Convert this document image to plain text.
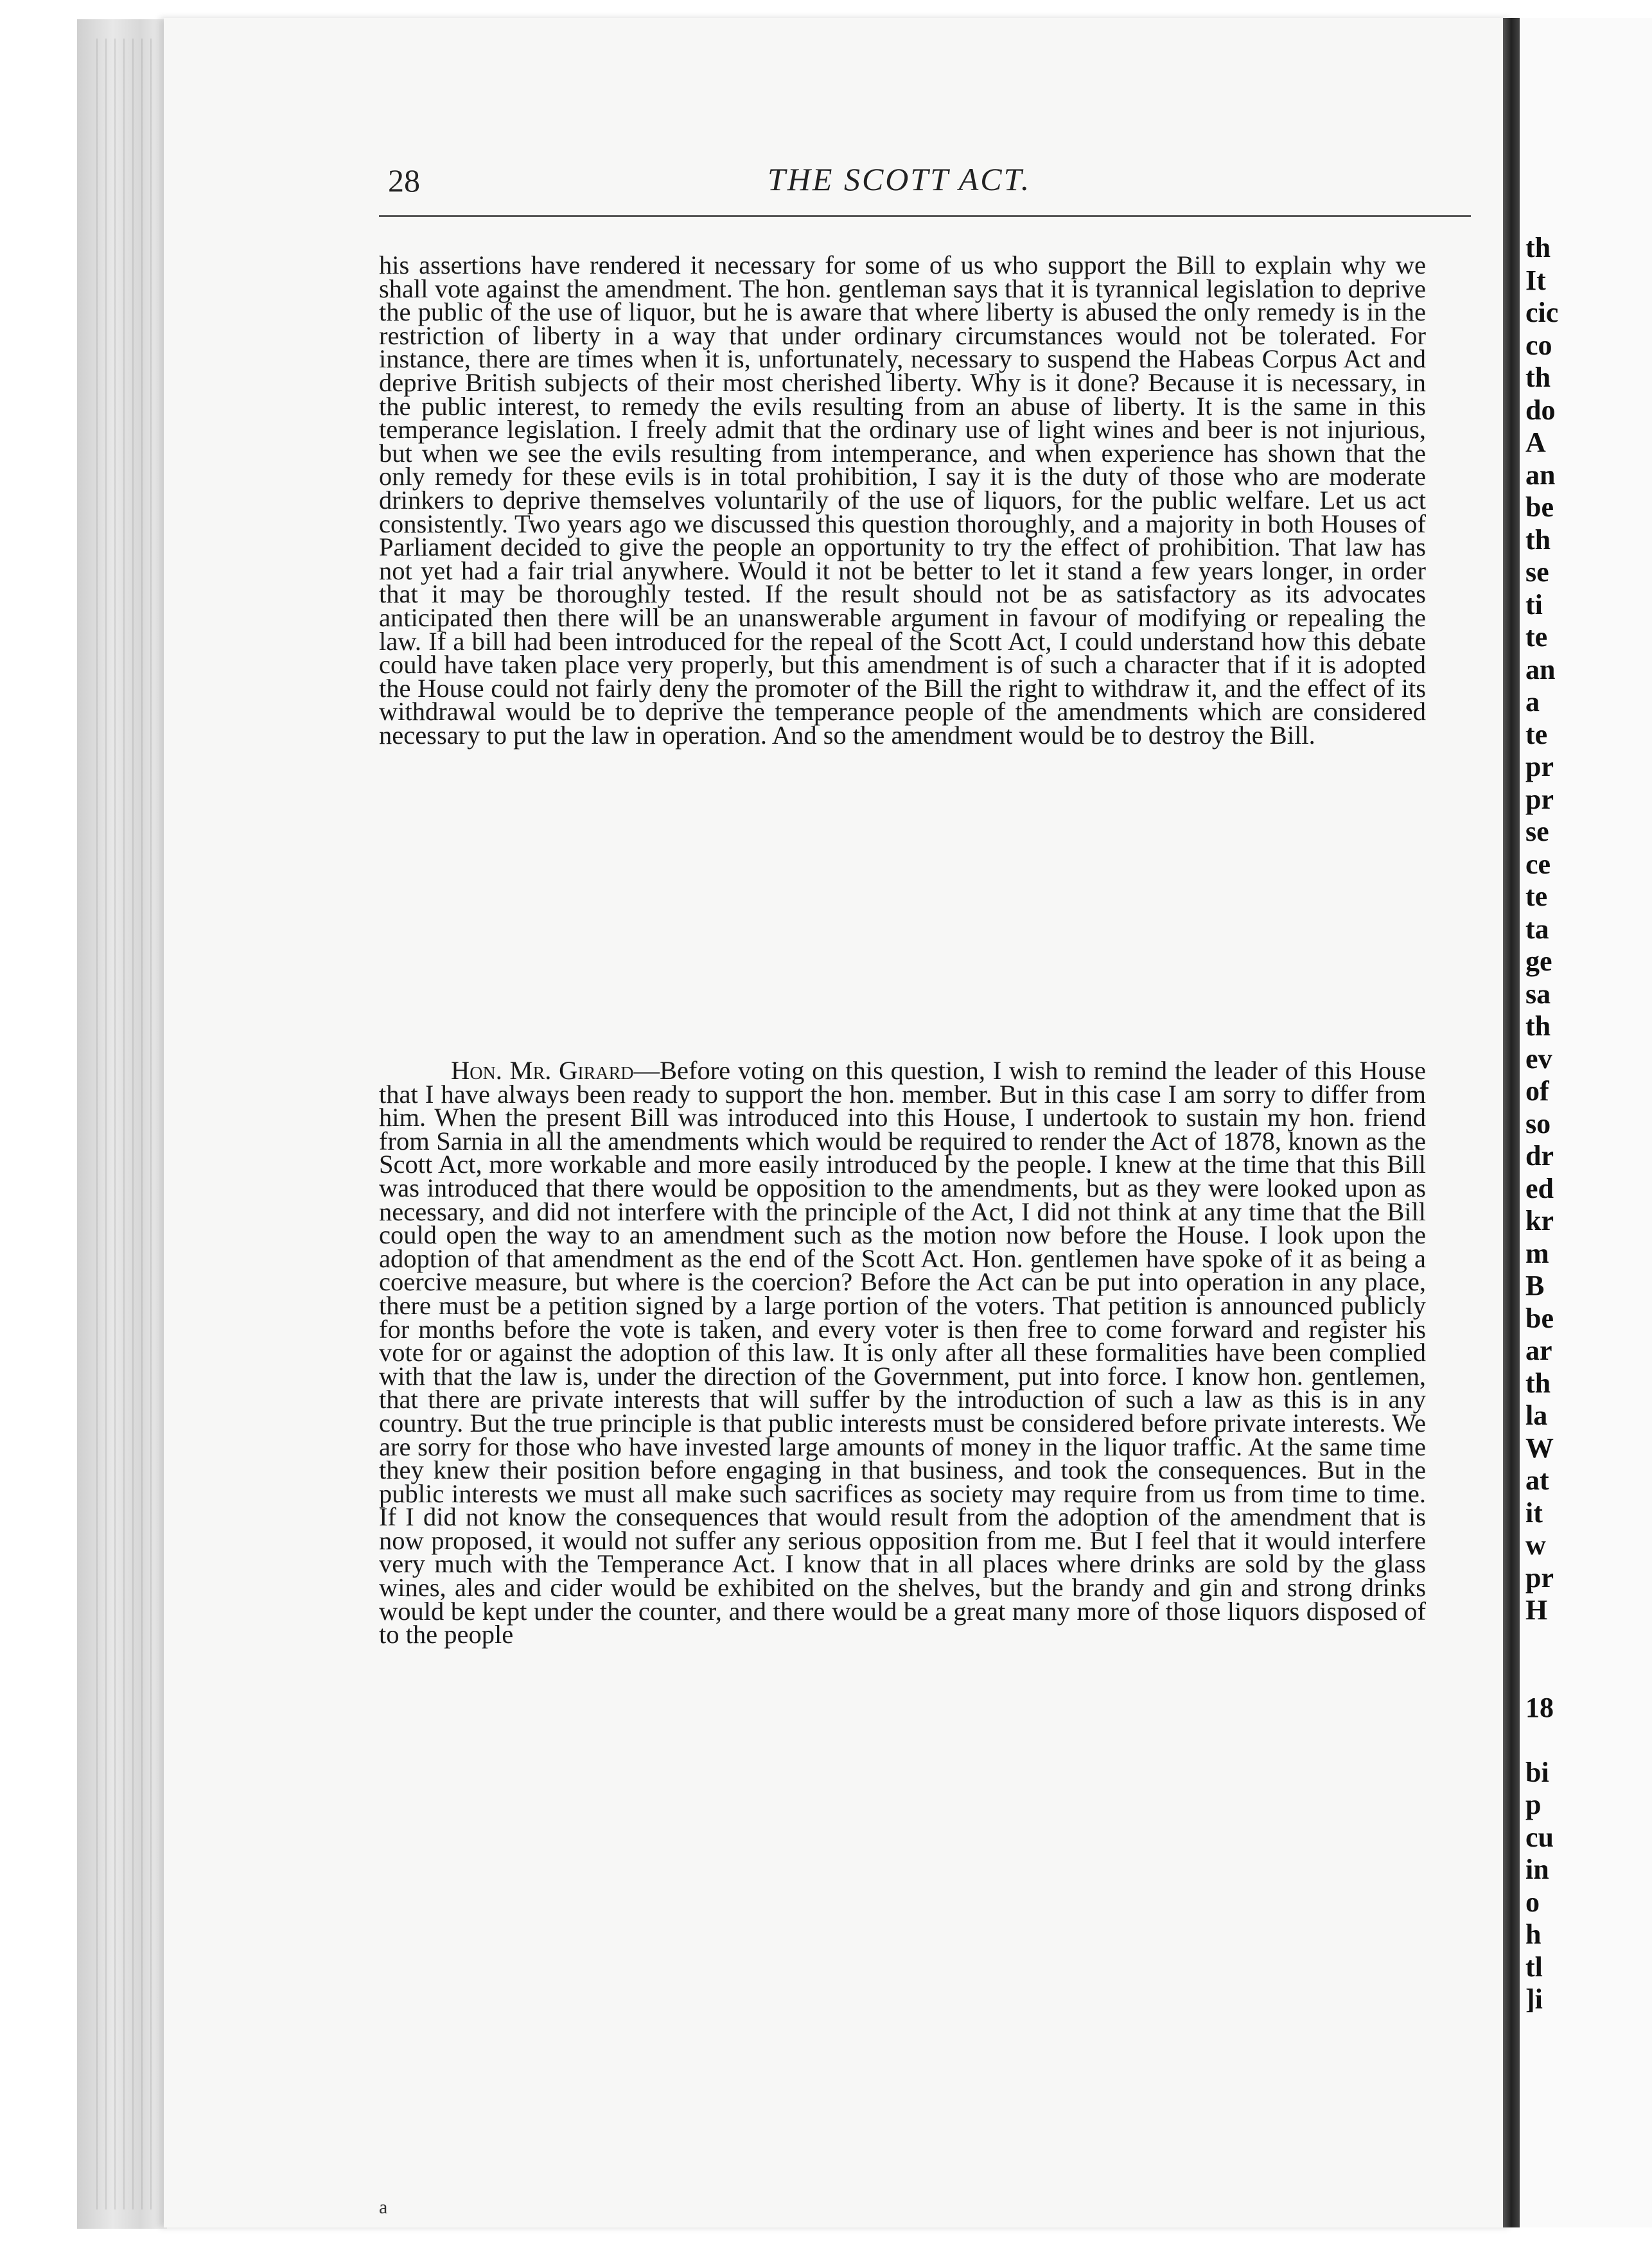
28	THE SCOTT ACT.
his assertions have rendered it necessary for some of us who support the Bill to explain why we shall vote against the amendment. The hon. gentleman says that it is tyrannical legislation to deprive the public of the use of liquor, but he is aware that where liberty is abused the only remedy is in the restriction of liberty in a way that under ordinary circumstances would not be tolerated. For instance, there are times when it is, unfortunately, necessary to suspend the Habeas Corpus Act and deprive British subjects of their most cherished liberty. Why is it done? Because it is necessary, in the public interest, to remedy the evils resulting from an abuse of liberty. It is the same in this temperance legislation. I freely admit that the ordinary use of light wines and beer is not injurious, but when we see the evils resulting from intemperance, and when experience has shown that the only remedy for these evils is in total prohibition, I say it is the duty of those who are moderate drinkers to deprive themselves voluntarily of the use of liquors, for the public welfare. Let us act consistently. Two years ago we discussed this question thoroughly, and a majority in both Houses of Parliament decided to give the people an opportunity to try the effect of prohibition. That law has not yet had a fair trial anywhere. Would it not be better to let it stand a few years longer, in order that it may be thoroughly tested. If the result should not be as satisfactory as its advocates anticipated then there will be an unanswerable argument in favour of modifying or repealing the law. If a bill had been introduced for the repeal of the Scott Act, I could understand how this debate could have taken place very properly, but this amendment is of such a character that if it is adopted the House could not fairly deny the promoter of the Bill the right to withdraw it, and the effect of its withdrawal would be to deprive the temperance people of the amendments which are considered necessary to put the law in operation. And so the amendment would be to destroy the Bill.
Hon. Mr. Girard—Before voting on this question, I wish to remind the leader of this House that I have always been ready to support the hon. member. But in this case I am sorry to differ from him. When the present Bill was introduced into this House, I undertook to sustain my hon. friend from Sarnia in all the amendments which would be required to render the Act of 1878, known as the Scott Act, more workable and more easily introduced by the people. I knew at the time that this Bill was introduced that there would be opposition to the amendments, but as they were looked upon as necessary, and did not interfere with the principle of the Act, I did not think at any time that the Bill could open the way to an amendment such as the motion now before the House. I look upon the adoption of that amendment as the end of the Scott Act. Hon. gentlemen have spoke of it as being a coercive measure, but where is the coercion? Before the Act can be put into operation in any place, there must be a petition signed by a large portion of the voters. That petition is announced publicly for months before the vote is taken, and every voter is then free to come forward and register his vote for or against the adoption of this law. It is only after all these formalities have been complied with that the law is, under the direction of the Government, put into force. I know hon. gentlemen, that there are private interests that will suffer by the introduction of such a law as this is in any country. But the true principle is that public interests must be considered before private interests. We are sorry for those who have invested large amounts of money in the liquor traffic. At the same time they knew their position before engaging in that business, and took the consequences. But in the public interests we must all make such sacrifices as society may require from us from time to time. If I did not know the consequences that would result from the adoption of the amendment that is now proposed, it would not suffer any serious opposition from me. But I feel that it would interfere very much with the Temperance Act. I know that in all places where drinks are sold by the glass wines, ales and cider would be exhibited on the shelves, but the brandy and gin and strong drinks would be kept under the counter, and there would be a great many more of those liquors disposed of to the people
th
It
cic
co
th
do
A
an
be
th
se
ti
te
an
a
te
pr
pr
se
ce
te
ta
ge
sa
th
ev
of
so
dr
ed
kr
m
B
be
ar
th
la
W
at
it
w
pr
H
18
bi
p
cu
in
o
h
tl
]i
a
